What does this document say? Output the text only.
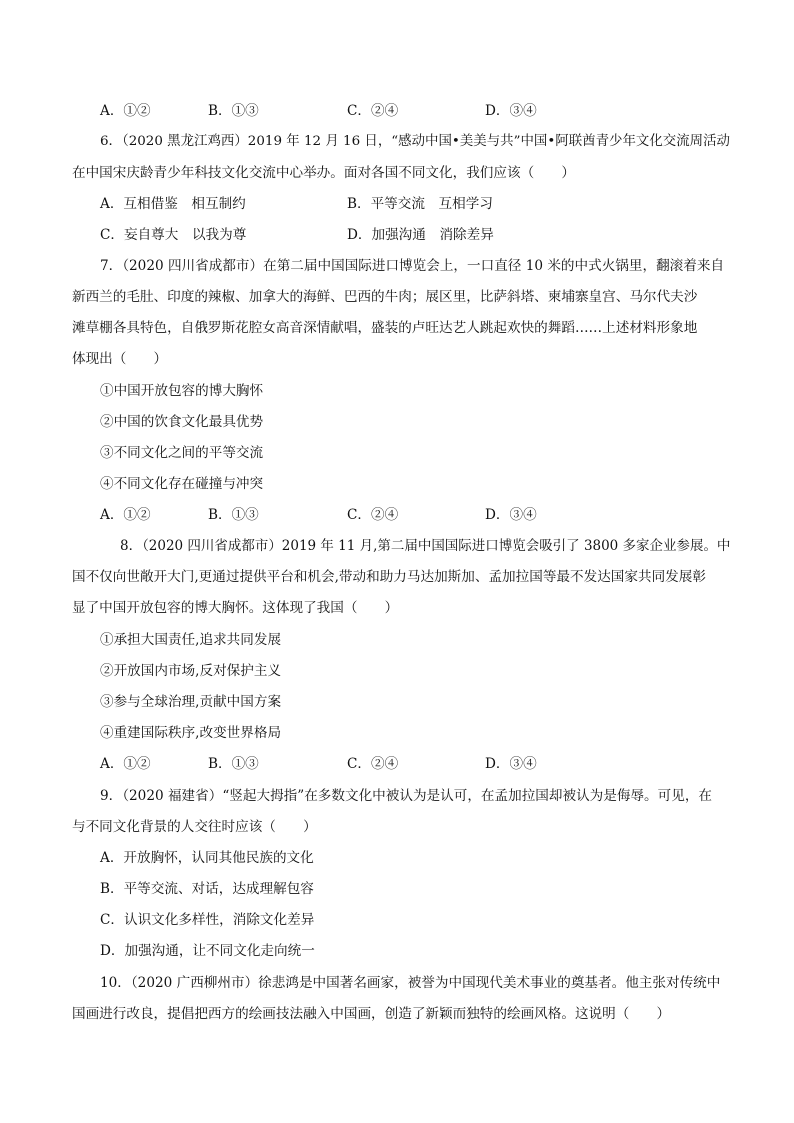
A．①②	B．①③	C．②④	D．③④
6．（2020 黑龙江鸡西）2019 年 12 月 16 日，“感动中国•美美与共”中国•阿联酋青少年文化交流周活动
在中国宋庆龄青少年科技文化交流中心举办。面对各国不同文化，我们应该（　　）
A．互相借鉴　相互制约	B．平等交流　互相学习
C．妄自尊大　以我为尊	D．加强沟通　消除差异
7．（2020 四川省成都市）在第二届中国国际进口博览会上，一口直径 10 米的中式火锅里，翻滚着来自
新西兰的毛肚、印度的辣椒、加拿大的海鲜、巴西的牛肉；展区里，比萨斜塔、柬埔寨皇宫、马尔代夫沙
滩草棚各具特色，自俄罗斯花腔女高音深情献唱，盛装的卢旺达艺人跳起欢快的舞蹈……上述材料形象地
体现出（　　）
①中国开放包容的博大胸怀
②中国的饮食文化最具优势
③不同文化之间的平等交流
④不同文化存在碰撞与冲突
A．①②	B．①③	C．②④	D．③④
8．（2020 四川省成都市）2019 年 11 月,第二届中国国际进口博览会吸引了 3800 多家企业参展。中
国不仅向世敞开大门,更通过提供平台和机会,带动和助力马达加斯加、孟加拉国等最不发达国家共同发展彰
显了中国开放包容的博大胸怀。这体现了我国（　　）
①承担大国责任,追求共同发展
②开放国内市场,反对保护主义
③参与全球治理,贡献中国方案
④重建国际秩序,改变世界格局
A．①②	B．①③	C．②④	D．③④
9．（2020 福建省）“竖起大拇指”在多数文化中被认为是认可，在孟加拉国却被认为是侮辱。可见，在
与不同文化背景的人交往时应该（　　）
A．开放胸怀，认同其他民族的文化
B．平等交流、对话，达成理解包容
C．认识文化多样性，消除文化差异
D．加强沟通，让不同文化走向统一
10．（2020 广西柳州市）徐悲鸿是中国著名画家，被誉为中国现代美术事业的奠基者。他主张对传统中
国画进行改良，提倡把西方的绘画技法融入中国画，创造了新颖而独特的绘画风格。这说明（　　）
